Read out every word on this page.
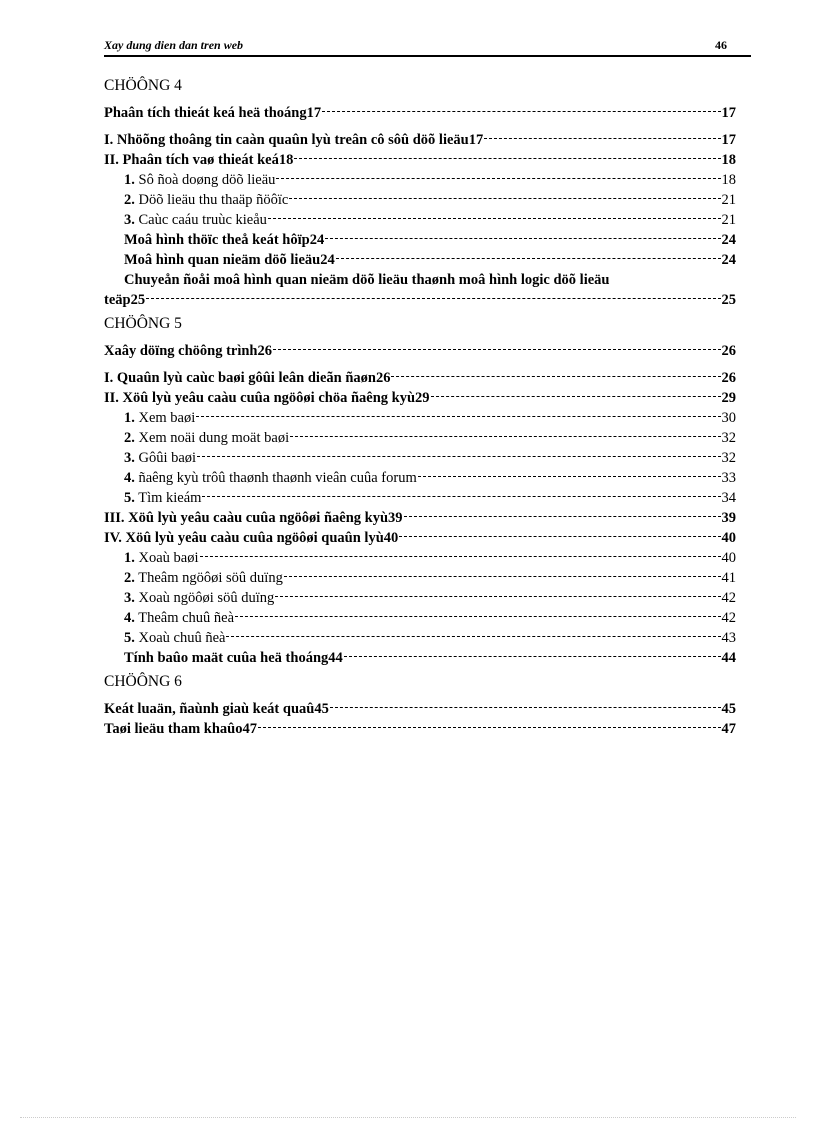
Xay dung dien dan tren web	46
CHÖÔNG 4
Phaân tích thieát keá heä thoáng17	17
I. Nhöõng thoâng tin caàn quaûn lyù treân cô sôû döõ lieäu17	17
II. Phaân tích vaø thieát keá18	18
1. Sô ñoà doøng döõ lieäu	18
2. Döõ lieäu thu thaäp ñöôïc	21
3. Caùc caáu truùc kieåu	21
Moâ hình thöïc theå keát hôïp24	24
Moâ hình quan nieäm döõ lieäu24	24
Chuyeån ñoåi moâ hình quan nieäm döõ lieäu thaønh moâ hình logic döõ lieäu
teäp25	25
CHÖÔNG 5
Xaây döïng chöông trình26	26
I. Quaûn lyù caùc baøi gôûi leân dieãn ñaøn26	26
II. Xöû lyù yeâu caàu cuûa ngöôøi chöa ñaêng kyù29	29
1. Xem baøi	30
2. Xem noäi dung moät baøi	32
3. Gôûi baøi	32
4. ñaêng kyù trôû thaønh thaønh vieân cuûa forum	33
5. Tìm kieám	34
III. Xöû lyù yeâu caàu cuûa ngöôøi ñaêng kyù39	39
IV. Xöû lyù yeâu caàu cuûa ngöôøi quaûn lyù40	40
1. Xoaù baøi	40
2. Theâm ngöôøi söû duïng	41
3. Xoaù ngöôøi söû duïng	42
4. Theâm chuû ñeà	42
5. Xoaù chuû ñeà	43
Tính baûo maät cuûa heä thoáng44	44
CHÖÔNG 6
Keát luaän, ñaùnh giaù keát quaû45	45
Taøi lieäu tham khaûo47	47
